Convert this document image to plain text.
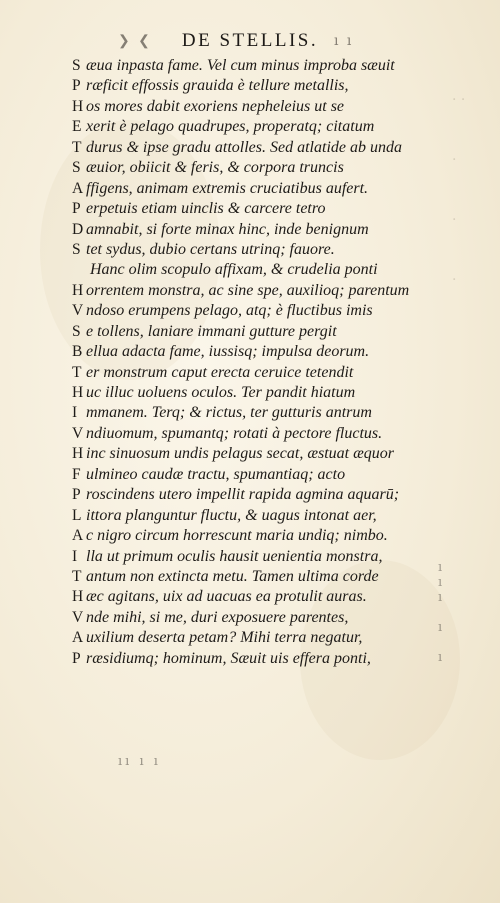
· ·
·
·
·
❯ ❮	DE STELLIS.	ı ı
S æua inpasta fame. Vel cum minus improba sæuit
P ræficit effossis grauida è tellure metallis,
H os mores dabit exoriens nepheleius ut se
E xerit è pelago quadrupes, properatq; citatum
T durus & ipse gradu attolles. Sed atlatide ab unda
S æuior, obiicit & feris, & corpora truncis
A ffigens, animam extremis cruciatibus aufert.
P erpetuis etiam uinclis & carcere tetro
D amnabit, si forte minax hinc, inde benignum
S tet sydus, dubio certans utrinq; fauore.
Hanc olim scopulo affixam, & crudelia ponti
H orrentem monstra, ac sine spe, auxilioq; parentum
V ndoso erumpens pelago, atq; è fluctibus imis
S e tollens, laniare immani gutture pergit
B ellua adacta fame, iussisq; impulsa deorum.
T er monstrum caput erecta ceruice tetendit
H uc illuc uoluens oculos. Ter pandit hiatum
I mmanem. Terq; & rictus, ter gutturis antrum
V ndiuomum, spumantq; rotati à pectore fluctus.
H inc sinuosum undis pelagus secat, æstuat æquor
F ulmineo caudæ tractu, spumantiaq; acto
P roscindens utero impellit rapida agmina aquarū;
L ittora planguntur fluctu, & uagus intonat aer,
A c nigro circum horrescunt maria undiq; nimbo.
I lla ut primum oculis hausit uenientia monstra,
T antum non extincta metu. Tamen ultima corde
H æc agitans, uix ad uacuas ea protulit auras.
V nde mihi, si me, duri exposuere parentes,
A uxilium deserta petam? Mihi terra negatur,
P ræsidiumq; hominum, Sæuit uis effera ponti,
ı
ı
ı

ı

ı
ıı ı ı
